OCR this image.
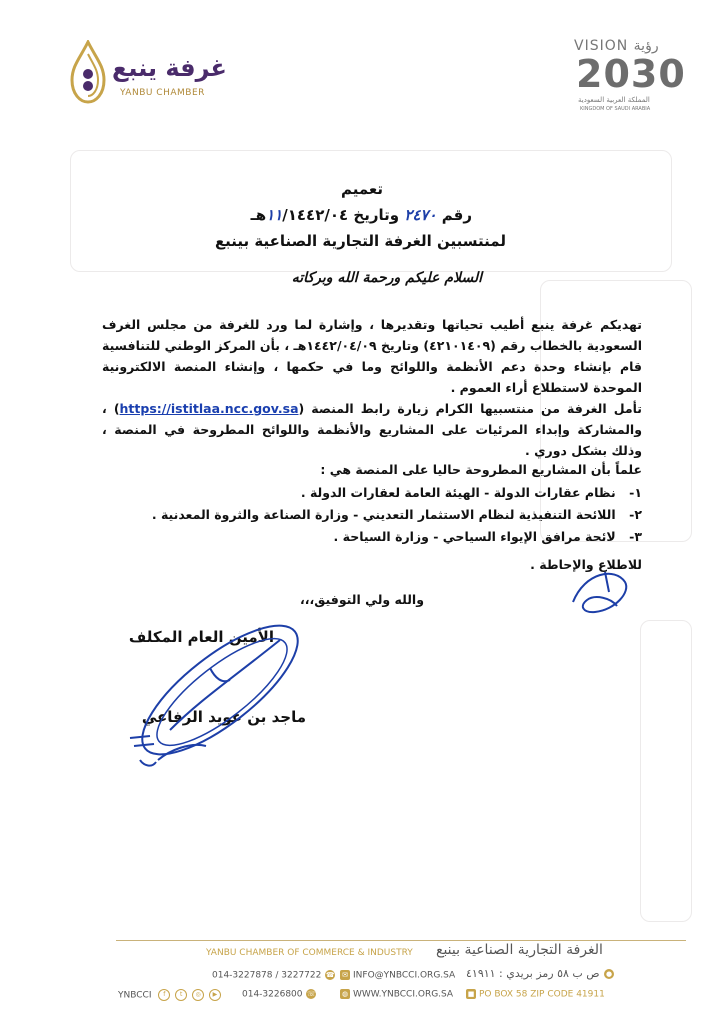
غرفة ينبع
YANBU CHAMBER
VISION رؤية
2030
المملكة العربية السعودية
KINGDOM OF SAUDI ARABIA
تعميم
رقم ٢٤٧٠ وتاريخ ١١/١٤٤٢/٠٤هـ
لمنتسبين الغرفة التجارية الصناعية بينبع
السلام عليكم ورحمة الله وبركاته
تهديكم غرفة ينبع أطيب تحياتها وتقديرها ، وإشارة لما ورد للغرفة من مجلس الغرف السعودية بالخطاب رقم (٤٢١٠١٤٠٩) وتاريخ ١٤٤٢/٠٤/٠٩هـ ، بأن المركز الوطني للتنافسية قام بإنشاء وحدة دعم الأنظمة واللوائح وما في حكمها ، وإنشاء المنصة الالكترونية الموحدة لاستطلاع أراء العموم .
تأمل الغرفة من منتسبيها الكرام زيارة رابط المنصة (https://istitlaa.ncc.gov.sa) ، والمشاركة وإبداء المرئيات على المشاريع والأنظمة واللوائح المطروحة في المنصة ، وذلك بشكل دوري .
علماً بأن المشاريع المطروحة حاليا على المنصة هي :
١- نظام عقارات الدولة - الهيئة العامة لعقارات الدولة .
٢- اللائحة التنفيذية لنظام الاستثمار التعديني - وزارة الصناعة والثروة المعدنية .
٣- لائحة مرافق الإيواء السياحي - وزارة السياحة .
للاطلاع والإحاطة .
والله ولي التوفيق،،،
الأمين العام المكلف
ماجد بن عويد الرفاعي
YANBU CHAMBER OF COMMERCE & INDUSTRY الغرفة التجارية الصناعية بينبع
014-3227878 / 3227722 ☎ ✉ INFO@YNBCCI.ORG.SA	● ص ب ٥٨ رمز بريدي : ٤١٩١١
YNBCCI f t ◎ ▶	014-3226800 ☏	◍ WWW.YNBCCI.ORG.SA ■ PO BOX 58 ZIP CODE 41911
